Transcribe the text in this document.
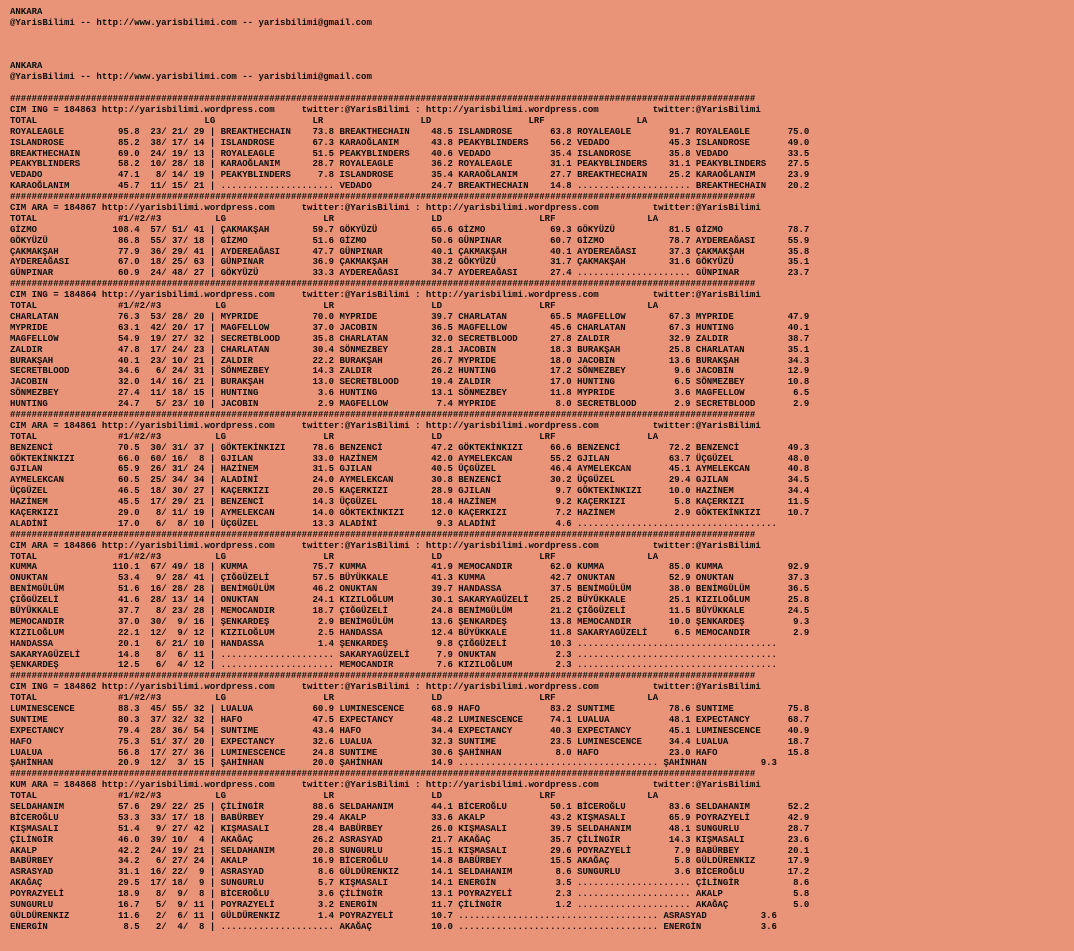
ANKARA
@YarisBilimi -- http://www.yarisbilimi.com -- yarisbilimi@gmail.com

ANKARA
@YarisBilimi -- http://www.yarisbilimi.com -- yarisbilimi@gmail.com

##########################################################################################################################################
CIM ING = 184863 http://yarisbilimi.wordpress.com     twitter:@YarisBilimi : http://yarisbilimi.wordpress.com          twitter:@YarisBilimi
TOTAL                               LG                  LR                  LD                  LRF                 LA
ROYALEAGLE          95.8  23/ 21/ 29 | BREAKTHECHAIN    73.8 BREAKTHECHAIN    48.5 ISLANDROSE       63.8 ROYALEAGLE       91.7 ROYALEAGLE       75.0
ISLANDROSE          85.2  38/ 17/ 14 | ISLANDROSE       67.3 KARAOĞLANIM      43.8 PEAKYBLINDERS    56.2 VEDADO           45.3 ISLANDROSE       49.0
BREAKTHECHAIN       69.0  24/ 19/ 13 | ROYALEAGLE       51.5 PEAKYBLINDERS    40.6 VEDADO           35.4 ISLANDROSE       35.8 VEDADO           33.5
PEAKYBLINDERS       58.2  10/ 28/ 18 | KARAOĞLANIM      28.7 ROYALEAGLE       36.2 ROYALEAGLE       31.1 PEAKYBLINDERS    31.1 PEAKYBLINDERS    27.5
VEDADO              47.1   8/ 14/ 19 | PEAKYBLINDERS     7.8 ISLANDROSE       35.4 KARAOĞLANIM      27.7 BREAKTHECHAIN    25.2 KARAOĞLANIM      23.9
KARAOĞLANIM         45.7  11/ 15/ 21 | ..................... VEDADO           24.7 BREAKTHECHAIN    14.8 ..................... BREAKTHECHAIN    20.2
##########################################################################################################################################
CIM ARA = 184867 http://yarisbilimi.wordpress.com     twitter:@YarisBilimi : http://yarisbilimi.wordpress.com          twitter:@YarisBilimi
TOTAL               #1/#2/#3          LG                  LR                  LD                  LRF                 LA
GİZMO              108.4  57/ 51/ 41 | ÇAKMAKŞAH        59.7 GÖKYÜZÜ          65.6 GİZMO            69.3 GÖKYÜZÜ          81.5 GİZMO            78.7
GÖKYÜZÜ             86.8  55/ 37/ 18 | GİZMO            51.6 GİZMO            50.6 GÜNPINAR         60.7 GİZMO            78.7 AYDEREAĞASI      55.9
ÇAKMAKŞAH           77.9  36/ 29/ 41 | AYDEREAĞASI      47.7 GÜNPINAR         40.1 ÇAKMAKŞAH        40.1 AYDEREAĞASI      37.3 ÇAKMAKŞAH        35.8
AYDEREAĞASI         67.0  18/ 25/ 63 | GÜNPINAR         36.9 ÇAKMAKŞAH        38.2 GÖKYÜZÜ          31.7 ÇAKMAKŞAH        31.6 GÖKYÜZÜ          35.1
GÜNPINAR            60.9  24/ 48/ 27 | GÖKYÜZÜ          33.3 AYDEREAĞASI      34.7 AYDEREAĞASI      27.4 ..................... GÜNPINAR         23.7
##########################################################################################################################################
CIM ING = 184864 http://yarisbilimi.wordpress.com     twitter:@YarisBilimi : http://yarisbilimi.wordpress.com          twitter:@YarisBilimi
TOTAL               #1/#2/#3          LG                  LR                  LD                  LRF                 LA
CHARLATAN           76.3  53/ 28/ 20 | MYPRIDE          70.0 MYPRIDE          39.7 CHARLATAN        65.5 MAGFELLOW        67.3 MYPRIDE          47.9
MYPRIDE             63.1  42/ 20/ 17 | MAGFELLOW        37.0 JACOBIN          36.5 MAGFELLOW        45.6 CHARLATAN        67.3 HUNTING          40.1
MAGFELLOW           54.9  19/ 27/ 32 | SECRETBLOOD      35.8 CHARLATAN        32.0 SECRETBLOOD      27.8 ZALDIR           32.9 ZALDIR           38.7
ZALDIR              47.8  17/ 24/ 23 | CHARLATAN        30.4 SÖNMEZBEY        28.1 JACOBIN          18.3 BURAKŞAH         25.8 CHARLATAN        35.1
BURAKŞAH            40.1  23/ 10/ 21 | ZALDIR           22.2 BURAKŞAH         26.7 MYPRIDE          18.0 JACOBIN          13.6 BURAKŞAH         34.3
SECRETBLOOD         34.6   6/ 24/ 31 | SÖNMEZBEY        14.3 ZALDIR           26.2 HUNTING          17.2 SÖNMEZBEY         9.6 JACOBIN          12.9
JACOBIN             32.0  14/ 16/ 21 | BURAKŞAH         13.0 SECRETBLOOD      19.4 ZALDIR           17.0 HUNTING           6.5 SÖNMEZBEY        10.8
SÖNMEZBEY           27.4  11/ 18/ 15 | HUNTING           3.6 HUNTING          13.1 SÖNMEZBEY        11.8 MYPRIDE           3.6 MAGFELLOW         6.5
HUNTING             24.7   5/ 23/ 10 | JACOBIN           2.9 MAGFELLOW         7.4 MYPRIDE           8.0 SECRETBLOOD       2.9 SECRETBLOOD       2.9
##########################################################################################################################################
CIM ARA = 184861 http://yarisbilimi.wordpress.com     twitter:@YarisBilimi : http://yarisbilimi.wordpress.com          twitter:@YarisBilimi
TOTAL               #1/#2/#3          LG                  LR                  LD                  LRF                 LA
BENZENCİ            70.5  30/ 31/ 37 | GÖKTEKİNKIZI     78.6 BENZENCİ         47.2 GÖKTEKİNKIZI     66.6 BENZENCİ         72.2 BENZENCİ         49.3
GÖKTEKİNKIZI        66.0  60/ 16/  8 | GJILAN           33.0 HAZİNEM          42.0 AYMELEKCAN       55.2 GJILAN           63.7 ÜÇGÜZEL          48.0
GJILAN              65.9  26/ 31/ 24 | HAZİNEM          31.5 GJILAN           40.5 ÜÇGÜZEL          46.4 AYMELEKCAN       45.1 AYMELEKCAN       40.8
AYMELEKCAN          60.5  25/ 34/ 34 | ALADİNİ          24.0 AYMELEKCAN       30.8 BENZENCİ         30.2 ÜÇGÜZEL          29.4 GJILAN           34.5
ÜÇGÜZEL             46.5  18/ 30/ 27 | KAÇERKIZI        20.5 KAÇERKIZI        28.9 GJILAN            9.7 GÖKTEKİNKIZI     10.0 HAZİNEM          34.4
HAZİNEM             45.5  17/ 29/ 21 | BENZENCİ         14.3 ÜÇGÜZEL          18.4 HAZİNEM           9.2 KAÇERKIZI         5.8 KAÇERKIZI        11.5
KAÇERKIZI           29.0   8/ 11/ 19 | AYMELEKCAN       14.0 GÖKTEKİNKIZI     12.0 KAÇERKIZI         7.2 HAZİNEM           2.9 GÖKTEKİNKIZI     10.7
ALADİNİ             17.0   6/  8/ 10 | ÜÇGÜZEL          13.3 ALADİNİ           9.3 ALADİNİ           4.6 .....................................
##########################################################################################################################################
CIM ARA = 184866 http://yarisbilimi.wordpress.com     twitter:@YarisBilimi : http://yarisbilimi.wordpress.com          twitter:@YarisBilimi
TOTAL               #1/#2/#3          LG                  LR                  LD                  LRF                 LA
KUMMA              110.1  67/ 49/ 18 | KUMMA            75.7 KUMMA            41.9 MEMOCANDIR       62.0 KUMMA            85.0 KUMMA            92.9
ONUKTAN             53.4   9/ 28/ 41 | ÇIĞGÜZELİ        57.5 BÜYÜKKALE        41.3 KUMMA            42.7 ONUKTAN          52.9 ONUKTAN          37.3
BENİMGÜLÜM          51.6  16/ 28/ 28 | BENİMGÜLÜM       46.2 ONUKTAN          39.7 HANDASSA         37.5 BENİMGÜLÜM       38.0 BENİMGÜLÜM       36.5
ÇIĞGÜZELİ           41.6  28/ 13/ 14 | ONUKTAN          24.1 KIZILOĞLUM       30.1 SAKARYAGÜZELİ    25.2 BÜYÜKKALE        25.1 KIZILOĞLUM       25.8
BÜYÜKKALE           37.7   8/ 23/ 28 | MEMOCANDIR       18.7 ÇIĞGÜZELİ        24.8 BENİMGÜLÜM       21.2 ÇIĞGÜZELİ        11.5 BÜYÜKKALE        24.5
MEMOCANDIR          37.0  30/  9/ 16 | ŞENKARDEŞ         2.9 BENİMGÜLÜM       13.6 ŞENKARDEŞ        13.8 MEMOCANDIR       10.0 ŞENKARDEŞ         9.3
KIZILOĞLUM          22.1  12/  9/ 12 | KIZILOĞLUM        2.5 HANDASSA         12.4 BÜYÜKKALE        11.8 SAKARYAGÜZELİ     6.5 MEMOCANDIR        2.9
HANDASSA            20.1   6/ 21/ 10 | HANDASSA          1.4 ŞENKARDEŞ         9.8 ÇIĞGÜZELİ        10.3 .....................................
SAKARYAGÜZELİ       14.8   8/  6/ 11 | ..................... SAKARYAGÜZELİ     7.9 ONUKTAN           2.3 .....................................
ŞENKARDEŞ           12.5   6/  4/ 12 | ..................... MEMOCANDIR        7.6 KIZILOĞLUM        2.3 .....................................
##########################################################################################################################################
CIM ING = 184862 http://yarisbilimi.wordpress.com     twitter:@YarisBilimi : http://yarisbilimi.wordpress.com          twitter:@YarisBilimi
TOTAL               #1/#2/#3          LG                  LR                  LD                  LRF                 LA
LUMINESCENCE        88.3  45/ 55/ 32 | LUALUA           60.9 LUMINESCENCE     68.9 HAFO             83.2 SUNTIME          78.6 SUNTIME          75.8
SUNTIME             80.3  37/ 32/ 32 | HAFO             47.5 EXPECTANCY       48.2 LUMINESCENCE     74.1 LUALUA           48.1 EXPECTANCY       68.7
EXPECTANCY          79.4  28/ 36/ 54 | SUNTIME          43.4 HAFO             34.4 EXPECTANCY       40.3 EXPECTANCY       45.1 LUMINESCENCE     40.9
HAFO                75.3  51/ 37/ 20 | EXPECTANCY       32.6 LUALUA           32.3 SUNTIME          23.5 LUMINESCENCE     34.4 LUALUA           18.7
LUALUA              56.8  17/ 27/ 36 | LUMINESCENCE     24.8 SUNTIME          30.6 ŞAHİNHAN          8.0 HAFO             23.0 HAFO             15.8
ŞAHİNHAN            20.9  12/  3/ 15 | ŞAHİNHAN         20.0 ŞAHİNHAN         14.9 ..................................... ŞAHİNHAN          9.3
##########################################################################################################################################
KUM ARA = 184868 http://yarisbilimi.wordpress.com     twitter:@YarisBilimi : http://yarisbilimi.wordpress.com          twitter:@YarisBilimi
TOTAL               #1/#2/#3          LG                  LR                  LD                  LRF                 LA
SELDAHANIM          57.6  29/ 22/ 25 | ÇİLİNGİR         88.6 SELDAHANIM       44.1 BİCEROĞLU        50.1 BİCEROĞLU        83.6 SELDAHANIM       52.2
BİCEROĞLU           53.3  33/ 17/ 18 | BABÜRBEY         29.4 AKALP            33.6 AKALP            43.2 KIŞMASALI        65.9 POYRAZYELİ       42.9
KIŞMASALI           51.4   9/ 27/ 42 | KIŞMASALI        28.4 BABÜRBEY         26.0 KIŞMASALI        39.5 SELDAHANIM       48.1 SUNGURLU         28.7
ÇİLİNGİR            46.0  39/ 10/  4 | AKAĞAÇ           26.2 ASRASYAD         21.7 AKAĞAÇ           35.7 ÇİLİNGİR         14.3 KIŞMASALI        23.6
AKALP               42.2  24/ 19/ 21 | SELDAHANIM       20.8 SUNGURLU         15.1 KIŞMASALI        29.6 POYRAZYELİ        7.9 BABÜRBEY         20.1
BABÜRBEY            34.2   6/ 27/ 24 | AKALP            16.9 BİCEROĞLU        14.8 BABÜRBEY         15.5 AKAĞAÇ            5.8 GÜLDÜRENKIZ      17.9
ASRASYAD            31.1  16/ 22/  9 | ASRASYAD          8.6 GÜLDÜRENKIZ      14.1 SELDAHANIM        8.6 SUNGURLU          3.6 BİCEROĞLU        17.2
AKAĞAÇ              29.5  17/ 18/  9 | SUNGURLU          5.7 KIŞMASALI        14.1 ENERGİN           3.5 ..................... ÇİLİNGİR          8.6
POYRAZYELİ          18.9   8/  9/  8 | BİCEROĞLU         3.6 ÇİLİNGİR         13.1 POYRAZYELİ        2.3 ..................... AKALP             5.8
SUNGURLU            16.7   5/  9/ 11 | POYRAZYELİ        3.2 ENERGİN          11.7 ÇİLİNGİR          1.2 ..................... AKAĞAÇ            5.0
GÜLDÜRENKIZ         11.6   2/  6/ 11 | GÜLDÜRENKIZ       1.4 POYRAZYELİ       10.7 ..................................... ASRASYAD          3.6
ENERGİN              8.5   2/  4/  8 | ..................... AKAĞAÇ           10.0 ..................................... ENERGİN           3.6
